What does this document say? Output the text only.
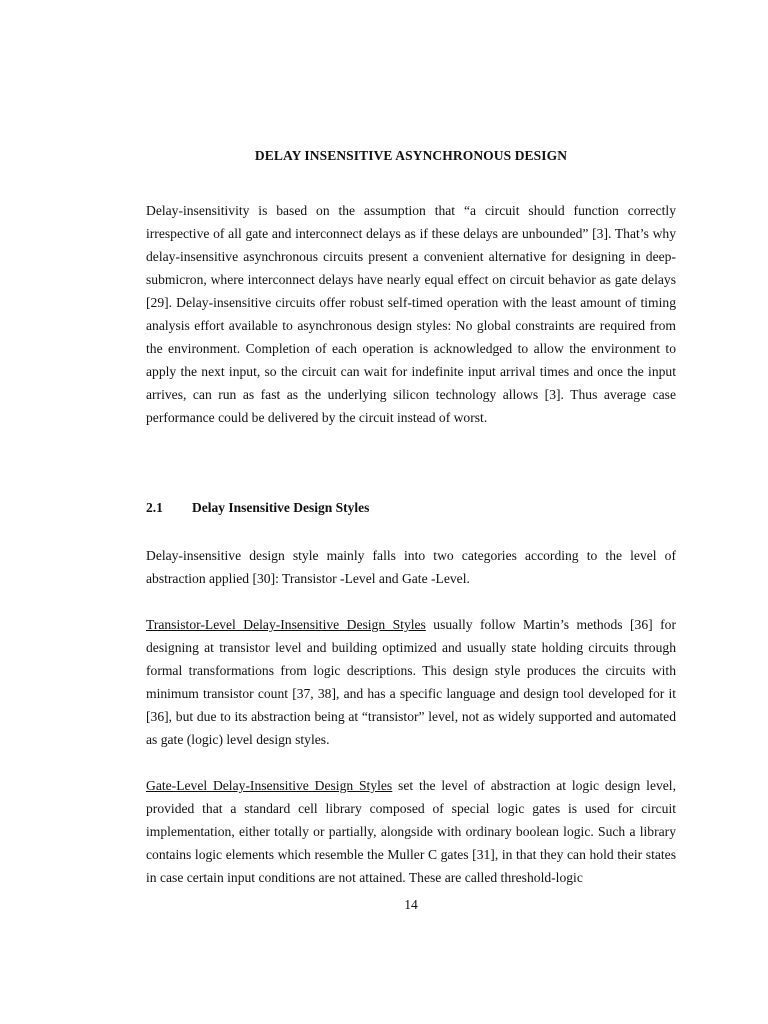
DELAY INSENSITIVE ASYNCHRONOUS DESIGN

Delay-insensitivity is based on the assumption that “a circuit should function correctly irrespective of all gate and interconnect delays as if these delays are unbounded” [3]. That’s why delay-insensitive asynchronous circuits present a convenient alternative for designing in deep-submicron, where interconnect delays have nearly equal effect on circuit behavior as gate delays [29]. Delay-insensitive circuits offer robust self-timed operation with the least amount of timing analysis effort available to asynchronous design styles: No global constraints are required from the environment. Completion of each operation is acknowledged to allow the environment to apply the next input, so the circuit can wait for indefinite input arrival times and once the input arrives, can run as fast as the underlying silicon technology allows [3]. Thus average case performance could be delivered by the circuit instead of worst.

2.1 Delay Insensitive Design Styles

Delay-insensitive design style mainly falls into two categories according to the level of abstraction applied [30]: Transistor -Level and Gate -Level.

Transistor-Level Delay-Insensitive Design Styles usually follow Martin’s methods [36] for designing at transistor level and building optimized and usually state holding circuits through formal transformations from logic descriptions. This design style produces the circuits with minimum transistor count [37, 38], and has a specific language and design tool developed for it [36], but due to its abstraction being at “transistor” level, not as widely supported and automated as gate (logic) level design styles.

Gate-Level Delay-Insensitive Design Styles set the level of abstraction at logic design level, provided that a standard cell library composed of special logic gates is used for circuit implementation, either totally or partially, alongside with ordinary boolean logic. Such a library contains logic elements which resemble the Muller C gates [31], in that they can hold their states in case certain input conditions are not attained. These are called threshold-logic

14
